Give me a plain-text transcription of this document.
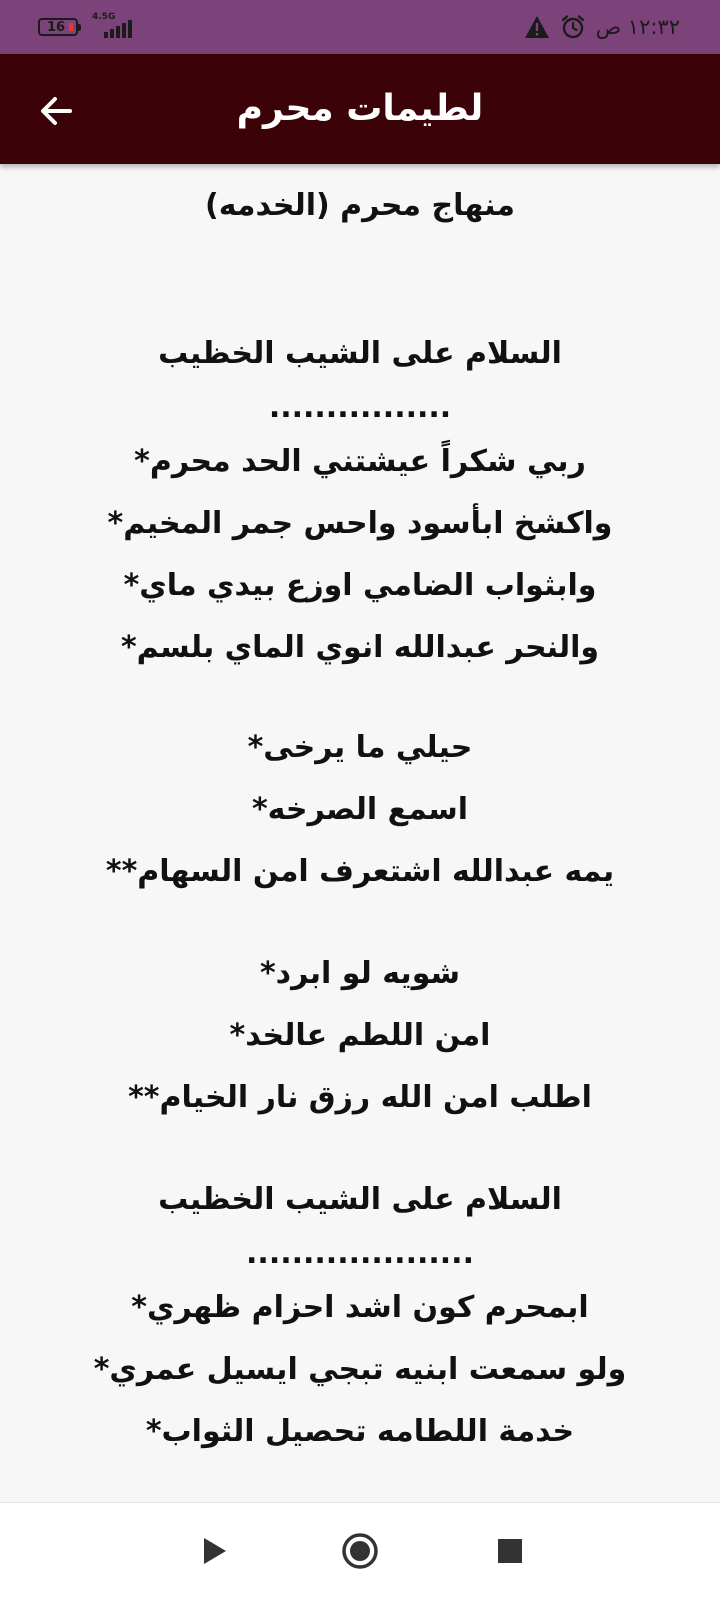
16
4.5G	١٢:٣٢ ص
لطيمات محرم
منهاج محرم (الخدمه)
السلام على الشيب الخظيب
................
ربي شكراً عيشتني الحد محرم*
واكشخ ابأسود واحس جمر المخيم*
وابثواب الضامي اوزع بيدي ماي*
والنحر عبدالله انوي الماي بلسم*
حيلي ما يرخى*
اسمع الصرخه*
يمه عبدالله اشتعرف امن السهام**
شويه لو ابرد*
امن اللطم عالخد*
اطلب امن الله رزق نار الخيام**
السلام على الشيب الخظيب
....................
ابمحرم كون اشد احزام ظهري*
ولو سمعت ابنيه تبجي ايسيل عمري*
خدمة اللطامه تحصيل الثواب*
